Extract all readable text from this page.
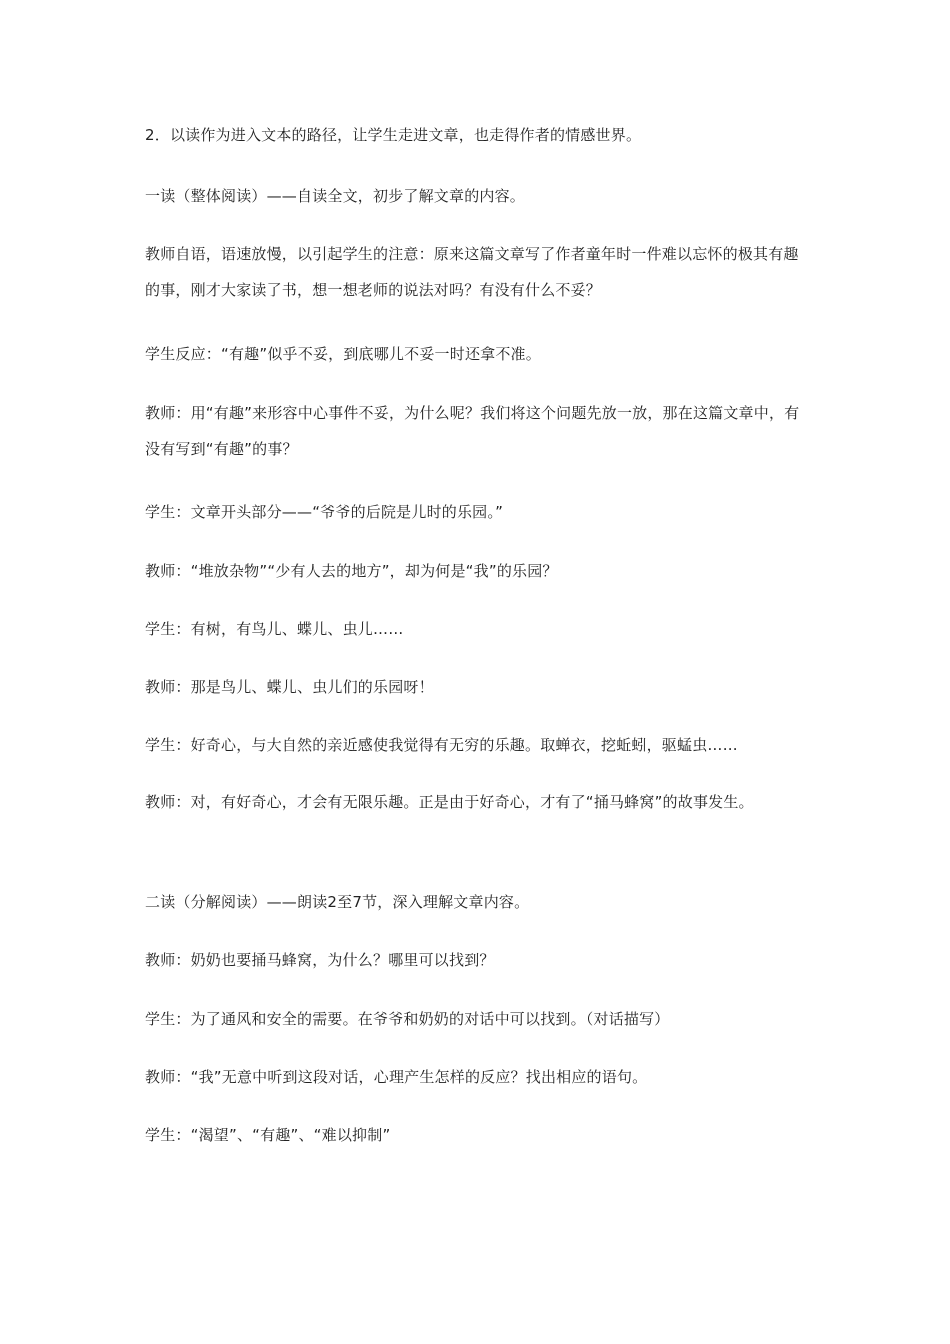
2．以读作为进入文本的路径，让学生走进文章，也走得作者的情感世界。

一读（整体阅读）——自读全文，初步了解文章的内容。

教师自语，语速放慢，以引起学生的注意：原来这篇文章写了作者童年时一件难以忘怀的极其有趣的事，刚才大家读了书，想一想老师的说法对吗？有没有什么不妥？

学生反应：“有趣”似乎不妥，到底哪儿不妥一时还拿不准。

教师：用“有趣”来形容中心事件不妥，为什么呢？我们将这个问题先放一放，那在这篇文章中，有没有写到“有趣”的事？

学生：文章开头部分——“爷爷的后院是儿时的乐园。”

教师：“堆放杂物”“少有人去的地方”，却为何是“我”的乐园？

学生：有树，有鸟儿、蝶儿、虫儿……

教师：那是鸟儿、蝶儿、虫儿们的乐园呀！

学生：好奇心，与大自然的亲近感使我觉得有无穷的乐趣。取蝉衣，挖蚯蚓，驱蜢虫……

教师：对，有好奇心，才会有无限乐趣。正是由于好奇心，才有了“捅马蜂窝”的故事发生。

二读（分解阅读）——朗读2至7节，深入理解文章内容。

教师：奶奶也要捅马蜂窝，为什么？哪里可以找到？

学生：为了通风和安全的需要。在爷爷和奶奶的对话中可以找到。（对话描写）

教师：“我”无意中听到这段对话，心理产生怎样的反应？找出相应的语句。

学生：“渴望”、“有趣”、“难以抑制”
